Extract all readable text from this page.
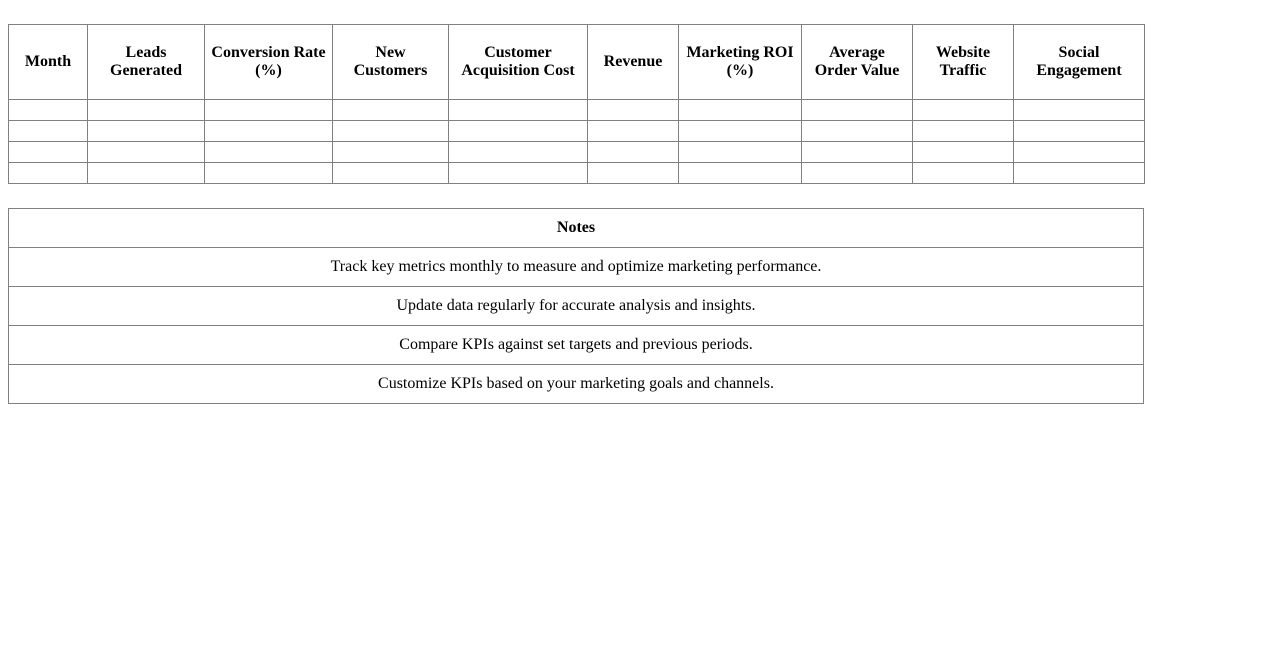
Month	Leads Generated	Conversion Rate (%)	New Customers	Customer Acquisition Cost	Revenue	Marketing ROI (%)	Average Order Value	Website Traffic	Social Engagement

Notes
Track key metrics monthly to measure and optimize marketing performance.
Update data regularly for accurate analysis and insights.
Compare KPIs against set targets and previous periods.
Customize KPIs based on your marketing goals and channels.
